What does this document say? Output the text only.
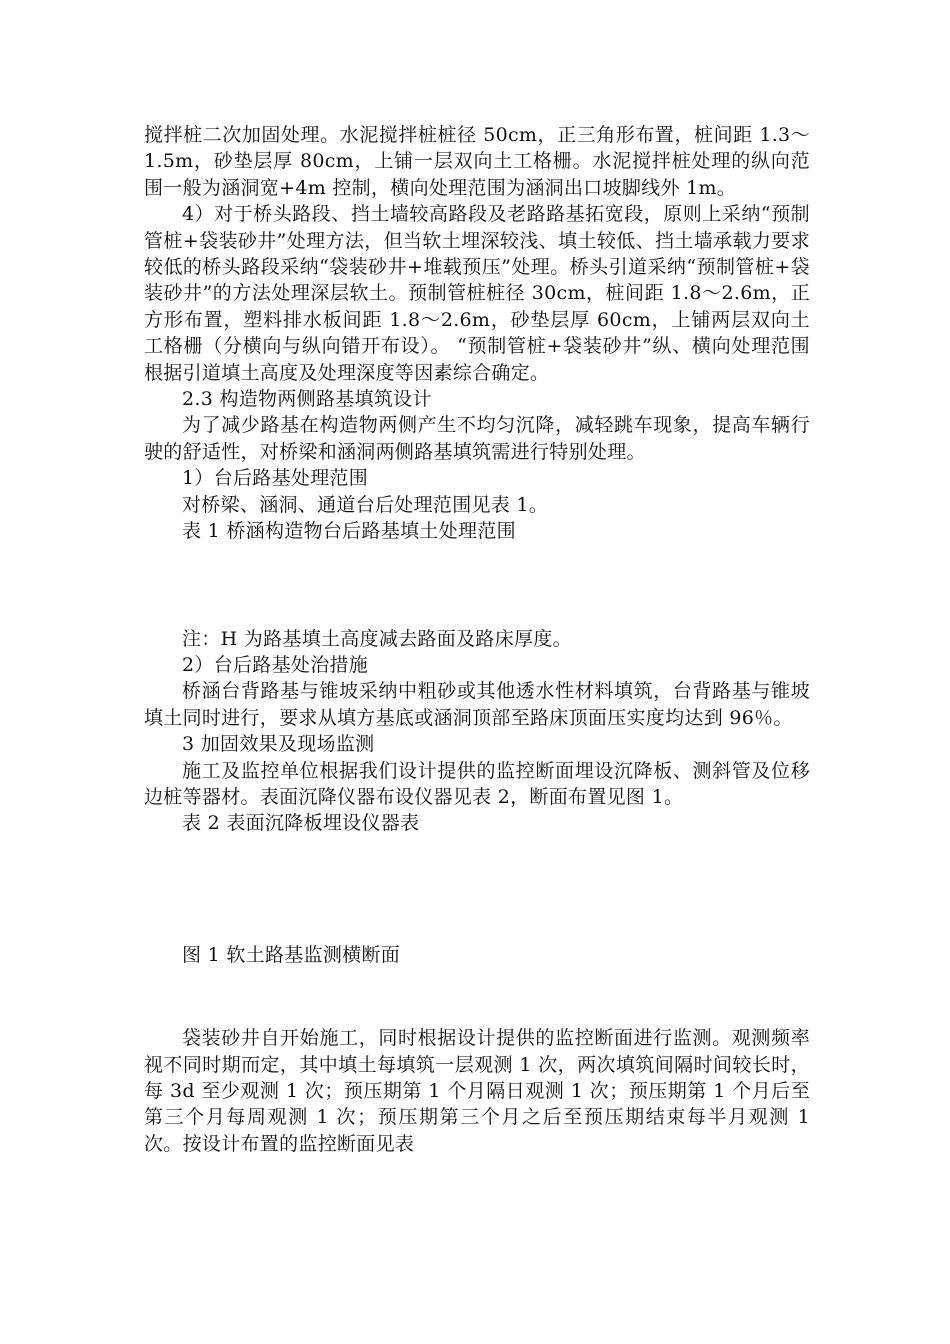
搅拌桩二次加固处理。水泥搅拌桩桩径 50cm，正三角形布置，桩间距 1.3～1.5m，砂垫层厚 80cm，上铺一层双向土工格栅。水泥搅拌桩处理的纵向范围一般为涵洞宽+4m 控制，横向处理范围为涵洞出口坡脚线外 1m。

4）对于桥头路段、挡土墙较高路段及老路路基拓宽段，原则上采纳“预制管桩+袋装砂井”处理方法，但当软土埋深较浅、填土较低、挡土墙承载力要求较低的桥头路段采纳“袋装砂井+堆载预压”处理。桥头引道采纳“预制管桩+袋装砂井”的方法处理深层软土。预制管桩桩径 30cm，桩间距 1.8～2.6m，正方形布置，塑料排水板间距 1.8～2.6m，砂垫层厚 60cm，上铺两层双向土工格栅（分横向与纵向错开布设）。 “预制管桩+袋装砂井”纵、横向处理范围根据引道填土高度及处理深度等因素综合确定。

2.3 构造物两侧路基填筑设计

为了减少路基在构造物两侧产生不均匀沉降，减轻跳车现象，提高车辆行驶的舒适性，对桥梁和涵洞两侧路基填筑需进行特别处理。

1）台后路基处理范围

对桥梁、涵洞、通道台后处理范围见表 1。

表 1 桥涵构造物台后路基填土处理范围

注：H 为路基填土高度减去路面及路床厚度。

2）台后路基处治措施

桥涵台背路基与锥坡采纳中粗砂或其他透水性材料填筑，台背路基与锥坡填土同时进行，要求从填方基底或涵洞顶部至路床顶面压实度均达到 96％。

3 加固效果及现场监测

施工及监控单位根据我们设计提供的监控断面埋设沉降板、测斜管及位移边桩等器材。表面沉降仪器布设仪器见表 2，断面布置见图 1。

表 2 表面沉降板埋设仪器表

图 1 软土路基监测横断面

袋装砂井自开始施工，同时根据设计提供的监控断面进行监测。观测频率视不同时期而定，其中填土每填筑一层观测 1 次，两次填筑间隔时间较长时，每 3d 至少观测 1 次；预压期第 1 个月隔日观测 1 次；预压期第 1 个月后至第三个月每周观测 1 次；预压期第三个月之后至预压期结束每半月观测 1 次。按设计布置的监控断面见表
